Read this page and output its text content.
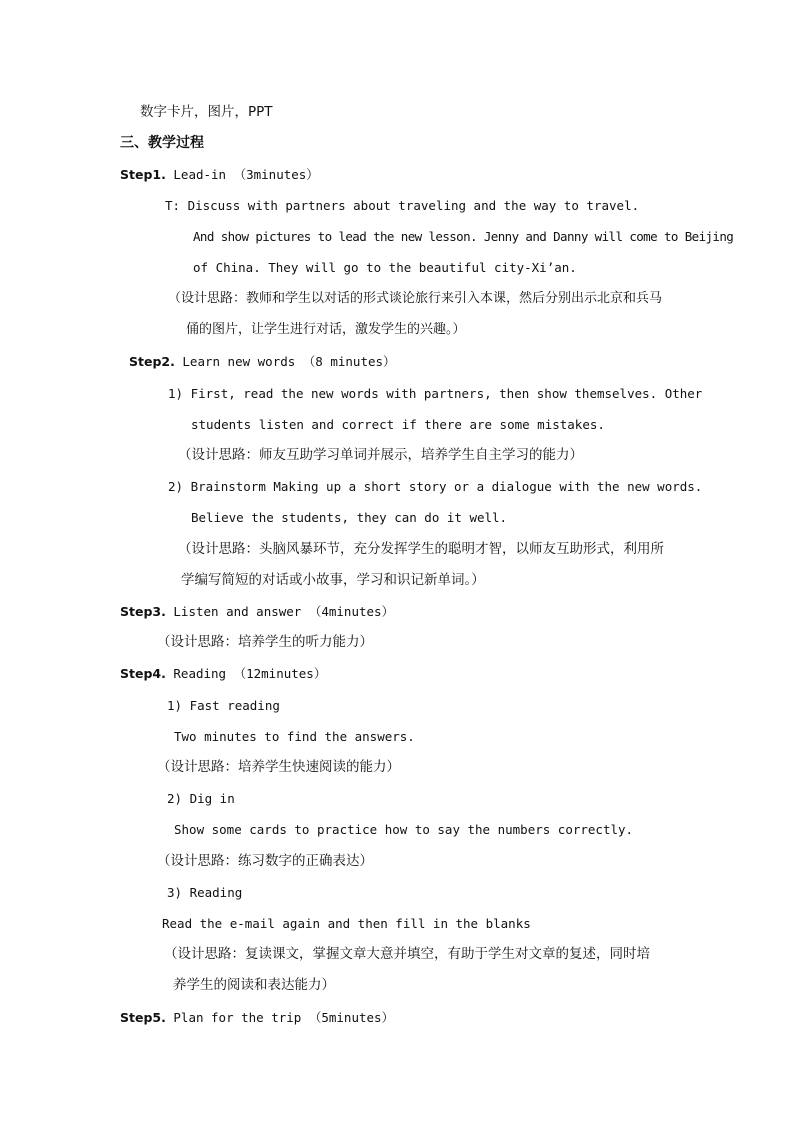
数字卡片，图片，PPT
三、教学过程
Step1. Lead-in （3minutes）
T: Discuss with partners about traveling and the way to travel.
And show pictures to lead the new lesson. Jenny and Danny will come to Beijing
of China. They will go to the beautiful city-Xi’an.
（设计思路：教师和学生以对话的形式谈论旅行来引入本课，然后分别出示北京和兵马
俑的图片，让学生进行对话，激发学生的兴趣。）
Step2. Learn new words （8 minutes）
1) First, read the new words with partners, then show themselves. Other
students listen and correct if there are some mistakes.
（设计思路：师友互助学习单词并展示，培养学生自主学习的能力）
2) Brainstorm Making up a short story or a dialogue with the new words.
Believe the students, they can do it well.
（设计思路：头脑风暴环节，充分发挥学生的聪明才智，以师友互助形式，利用所
学编写简短的对话或小故事，学习和识记新单词。）
Step3. Listen and answer （4minutes）
（设计思路：培养学生的听力能力）
Step4. Reading （12minutes）
1) Fast reading
Two minutes to find the answers.
（设计思路：培养学生快速阅读的能力）
2) Dig in
Show some cards to practice how to say the numbers correctly.
（设计思路：练习数字的正确表达）
3) Reading
Read the e-mail again and then fill in the blanks
（设计思路：复读课文，掌握文章大意并填空，有助于学生对文章的复述，同时培
养学生的阅读和表达能力）
Step5. Plan for the trip （5minutes）
